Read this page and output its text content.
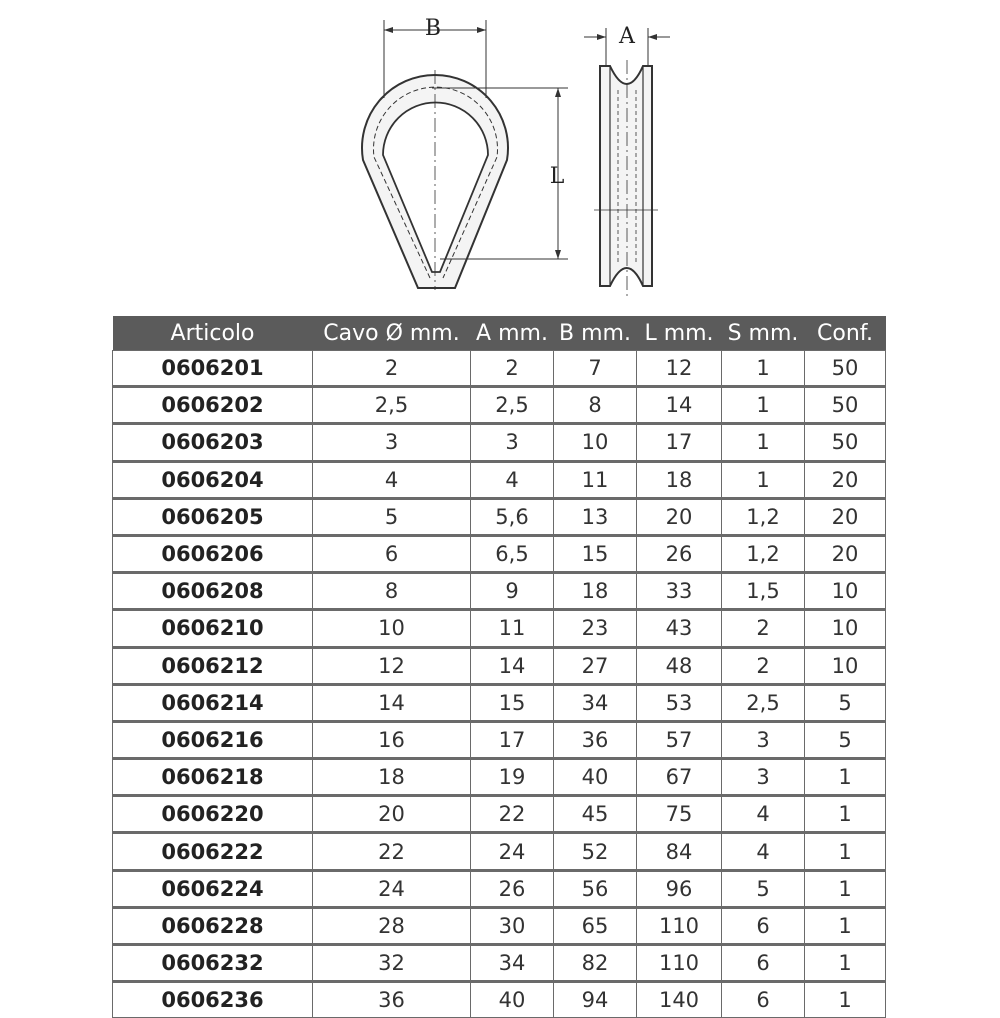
B	A
L
Articolo	Cavo Ø mm.	A mm.	B mm.	L mm.	S mm.	Conf.
0606201	2	2	7	12	1	50
0606202	2,5	2,5	8	14	1	50
0606203	3	3	10	17	1	50
0606204	4	4	11	18	1	20
0606205	5	5,6	13	20	1,2	20
0606206	6	6,5	15	26	1,2	20
0606208	8	9	18	33	1,5	10
0606210	10	11	23	43	2	10
0606212	12	14	27	48	2	10
0606214	14	15	34	53	2,5	5
0606216	16	17	36	57	3	5
0606218	18	19	40	67	3	1
0606220	20	22	45	75	4	1
0606222	22	24	52	84	4	1
0606224	24	26	56	96	5	1
0606228	28	30	65	110	6	1
0606232	32	34	82	110	6	1
0606236	36	40	94	140	6	1
